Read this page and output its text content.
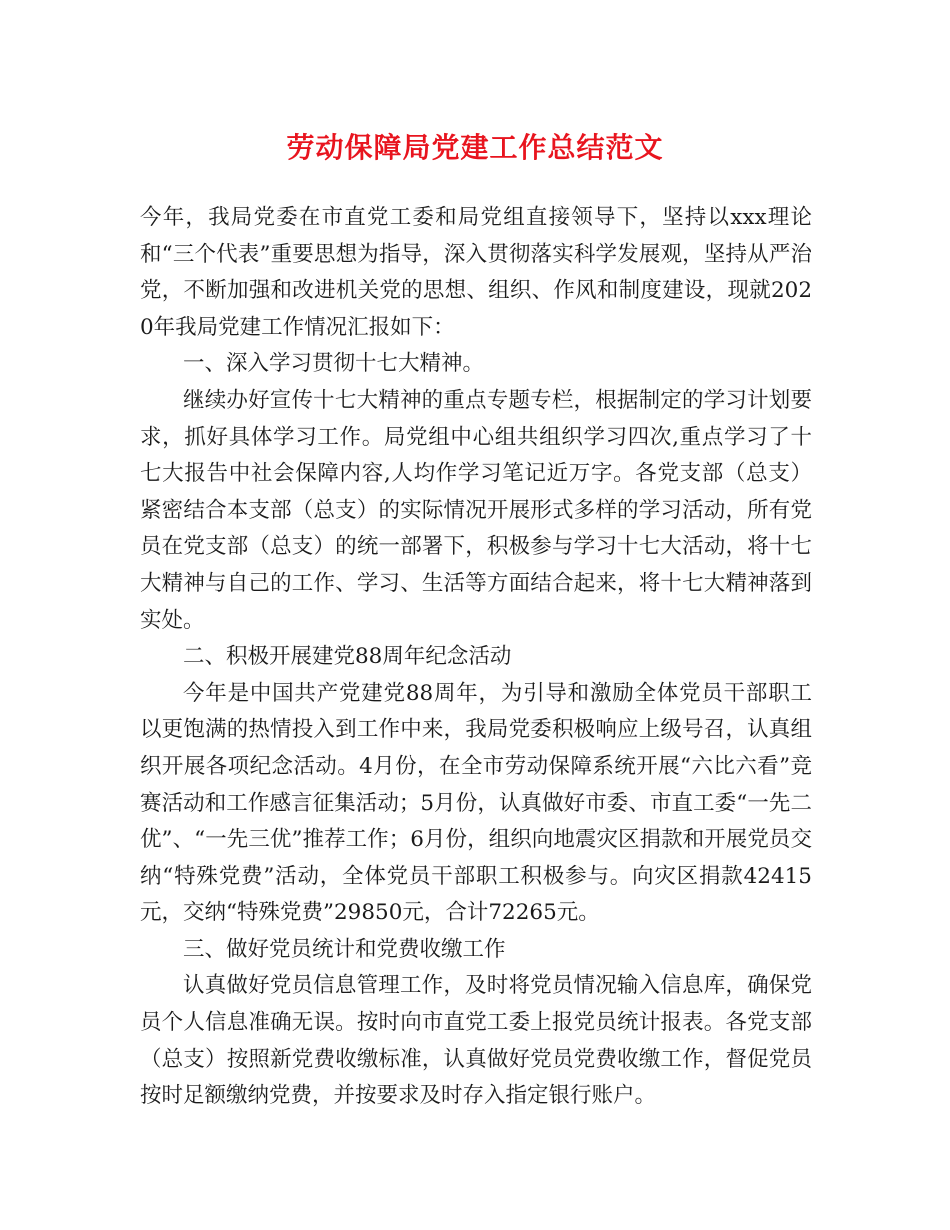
劳动保障局党建工作总结范文

今年，我局党委在市直党工委和局党组直接领导下，坚持以xxx理论和“三个代表”重要思想为指导，深入贯彻落实科学发展观，坚持从严治党，不断加强和改进机关党的思想、组织、作风和制度建设，现就2020年我局党建工作情况汇报如下：

一、深入学习贯彻十七大精神。

继续办好宣传十七大精神的重点专题专栏，根据制定的学习计划要求，抓好具体学习工作。局党组中心组共组织学习四次,重点学习了十七大报告中社会保障内容,人均作学习笔记近万字。各党支部（总支）紧密结合本支部（总支）的实际情况开展形式多样的学习活动，所有党员在党支部（总支）的统一部署下，积极参与学习十七大活动，将十七大精神与自己的工作、学习、生活等方面结合起来，将十七大精神落到实处。

二、积极开展建党88周年纪念活动

今年是中国共产党建党88周年，为引导和激励全体党员干部职工以更饱满的热情投入到工作中来，我局党委积极响应上级号召，认真组织开展各项纪念活动。4月份，在全市劳动保障系统开展“六比六看”竞赛活动和工作感言征集活动；5月份，认真做好市委、市直工委“一先二优”、“一先三优”推荐工作；6月份，组织向地震灾区捐款和开展党员交纳“特殊党费”活动，全体党员干部职工积极参与。向灾区捐款42415元，交纳“特殊党费”29850元，合计72265元。

三、做好党员统计和党费收缴工作

认真做好党员信息管理工作，及时将党员情况输入信息库，确保党员个人信息准确无误。按时向市直党工委上报党员统计报表。各党支部（总支）按照新党费收缴标准，认真做好党员党费收缴工作，督促党员按时足额缴纳党费，并按要求及时存入指定银行账户。
